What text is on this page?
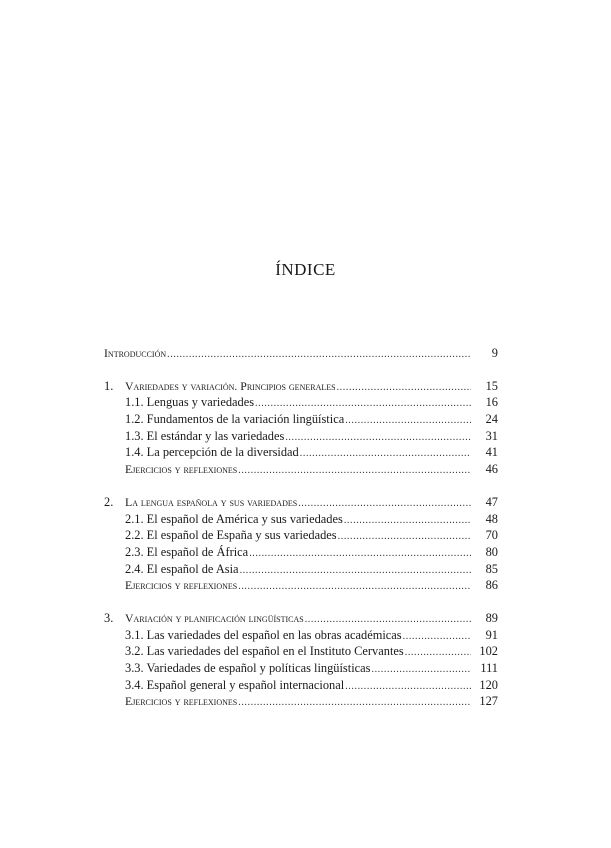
ÍNDICE
Introducción .....	9
1. Variedades y variación. Principios generales .....	15
1.1. Lenguas y variedades .....	16
1.2. Fundamentos de la variación lingüística .....	24
1.3. El estándar y las variedades .....	31
1.4. La percepción de la diversidad .....	41
Ejercicios y reflexiones .....	46
2. La lengua española y sus variedades .....	47
2.1. El español de América y sus variedades .....	48
2.2. El español de España y sus variedades .....	70
2.3. El español de África .....	80
2.4. El español de Asia .....	85
Ejercicios y reflexiones .....	86
3. Variación y planificación lingüísticas .....	89
3.1. Las variedades del español en las obras académicas .....	91
3.2. Las variedades del español en el Instituto Cervantes .....	102
3.3. Variedades de español y políticas lingüísticas .....	111
3.4. Español general y español internacional .....	120
Ejercicios y reflexiones .....	127
